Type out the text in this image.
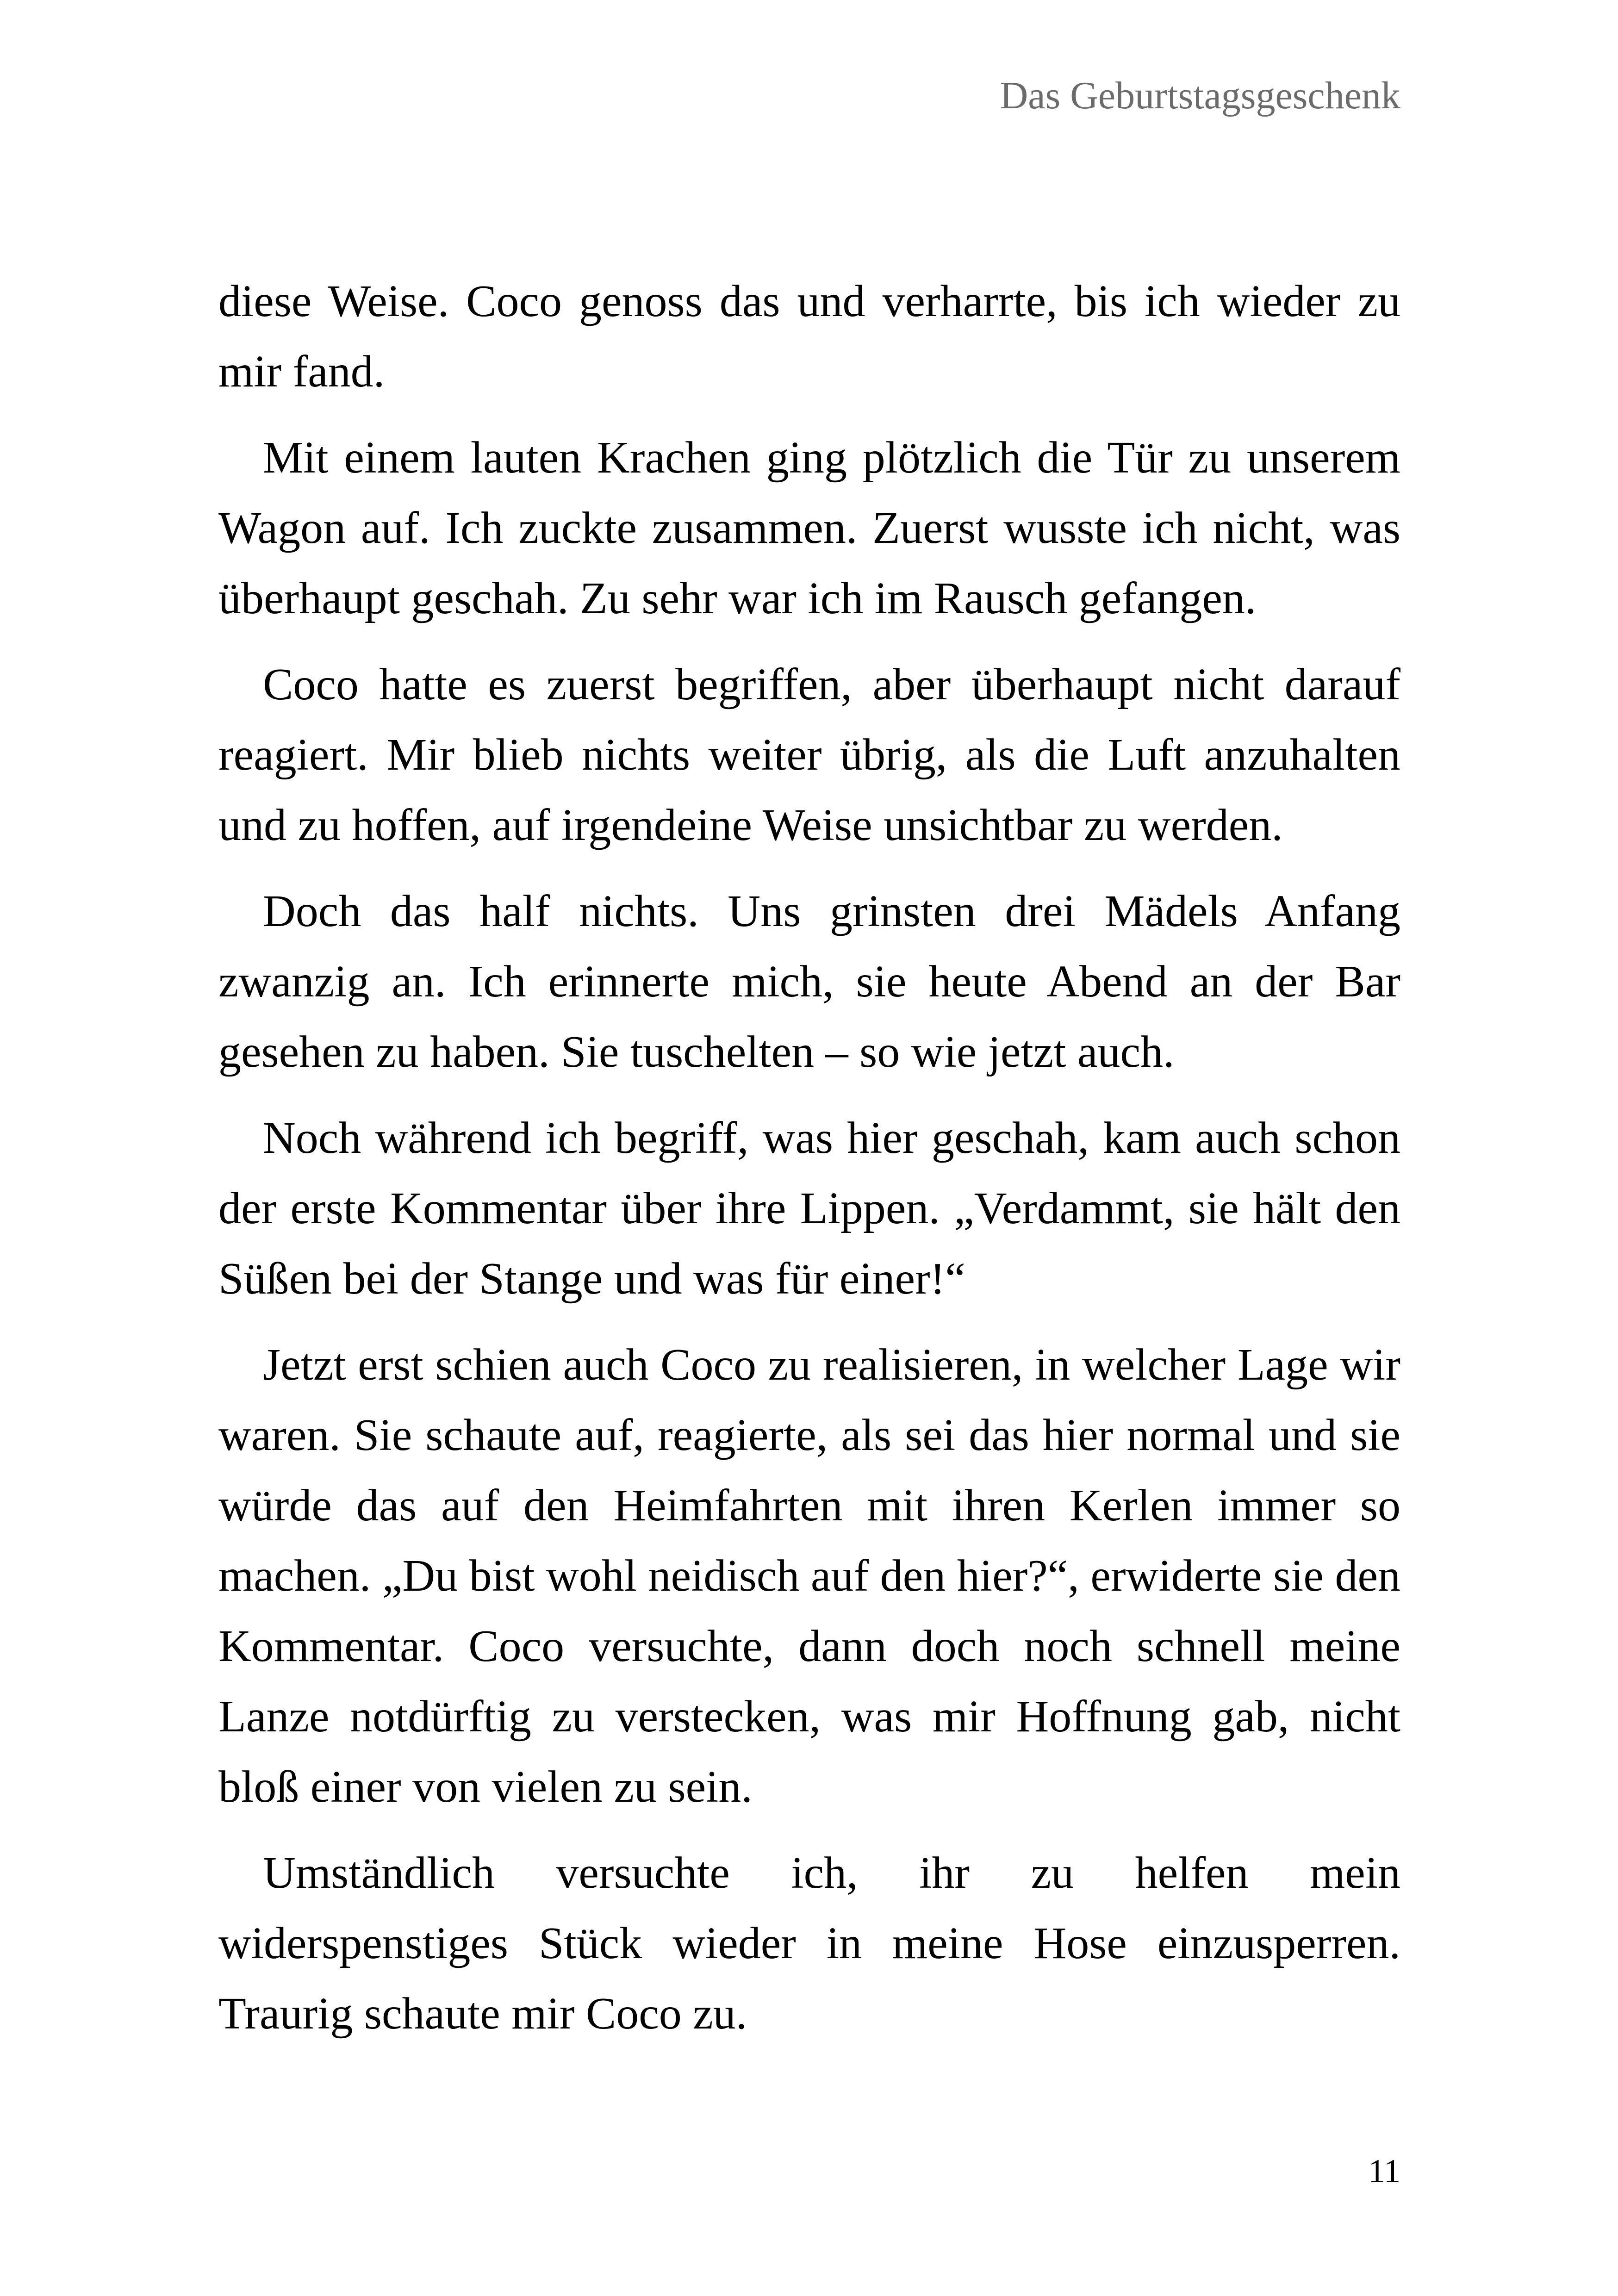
Das Geburtstagsgeschenk

diese Weise. Coco genoss das und verharrte, bis ich wieder zu mir fand.

Mit einem lauten Krachen ging plötzlich die Tür zu unserem Wagon auf. Ich zuckte zusammen. Zuerst wusste ich nicht, was überhaupt geschah. Zu sehr war ich im Rausch gefangen.

Coco hatte es zuerst begriffen, aber überhaupt nicht darauf reagiert. Mir blieb nichts weiter übrig, als die Luft anzuhalten und zu hoffen, auf irgendeine Weise unsichtbar zu werden.

Doch das half nichts. Uns grinsten drei Mädels Anfang zwanzig an. Ich erinnerte mich, sie heute Abend an der Bar gesehen zu haben. Sie tuschelten – so wie jetzt auch.

Noch während ich begriff, was hier geschah, kam auch schon der erste Kommentar über ihre Lippen. „Verdammt, sie hält den Süßen bei der Stange und was für einer!“

Jetzt erst schien auch Coco zu realisieren, in welcher Lage wir waren. Sie schaute auf, reagierte, als sei das hier normal und sie würde das auf den Heimfahrten mit ihren Kerlen immer so machen. „Du bist wohl neidisch auf den hier?“, erwiderte sie den Kommentar. Coco versuchte, dann doch noch schnell meine Lanze notdürftig zu verstecken, was mir Hoffnung gab, nicht bloß einer von vielen zu sein.

Umständlich versuchte ich, ihr zu helfen mein widerspenstiges Stück wieder in meine Hose einzusperren. Traurig schaute mir Coco zu.

11
